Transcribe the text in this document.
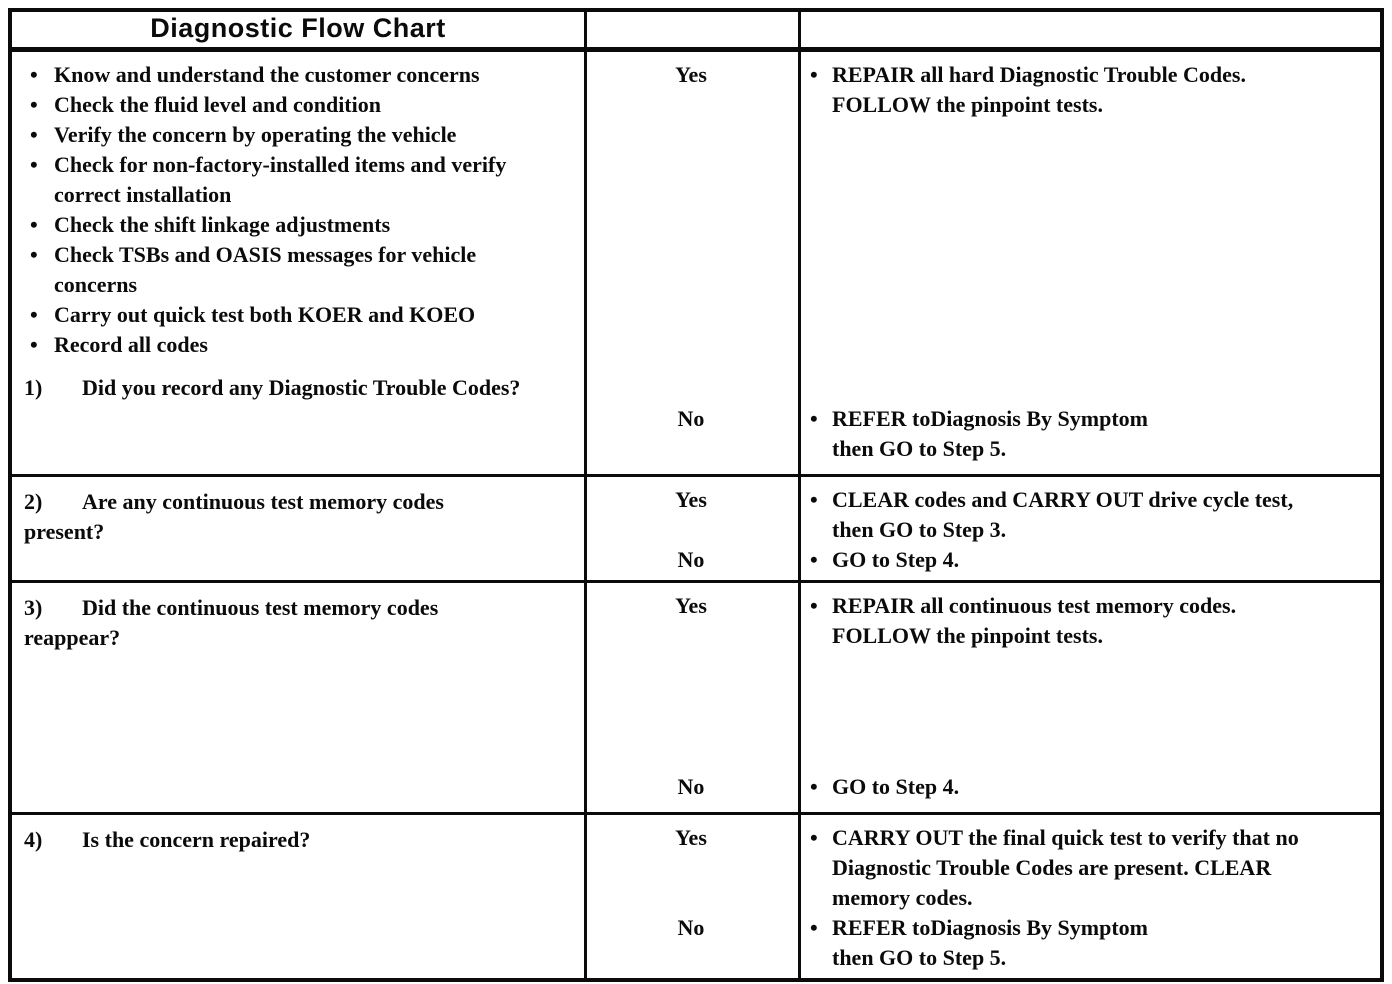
Diagnostic Flow Chart
•
Know and understand the customer concerns
•
Check the fluid level and condition
•
Verify the concern by operating the vehicle
•
Check for non-factory-installed items and verify
correct installation
•
Check the shift linkage adjustments
•
Check TSBs and OASIS messages for vehicle
concerns
•
Carry out quick test both KOER and KOEO
•
Record all codes
1) Did you record any Diagnostic Trouble Codes?
Yes •	REPAIR all hard Diagnostic Trouble Codes.
FOLLOW the pinpoint tests.
No •	REFER toDiagnosis By Symptom
then GO to Step 5.
2) Are any continuous test memory codes
present?
Yes •	CLEAR codes and CARRY OUT drive cycle test,
then GO to Step 3.
No •	GO to Step 4.
3) Did the continuous test memory codes
reappear?
Yes •	REPAIR all continuous test memory codes.
FOLLOW the pinpoint tests.
No •	GO to Step 4.
4) Is the concern repaired?	Yes •	CARRY OUT the final quick test to verify that no
Diagnostic Trouble Codes are present. CLEAR
memory codes.
No •	REFER toDiagnosis By Symptom
then GO to Step 5.
